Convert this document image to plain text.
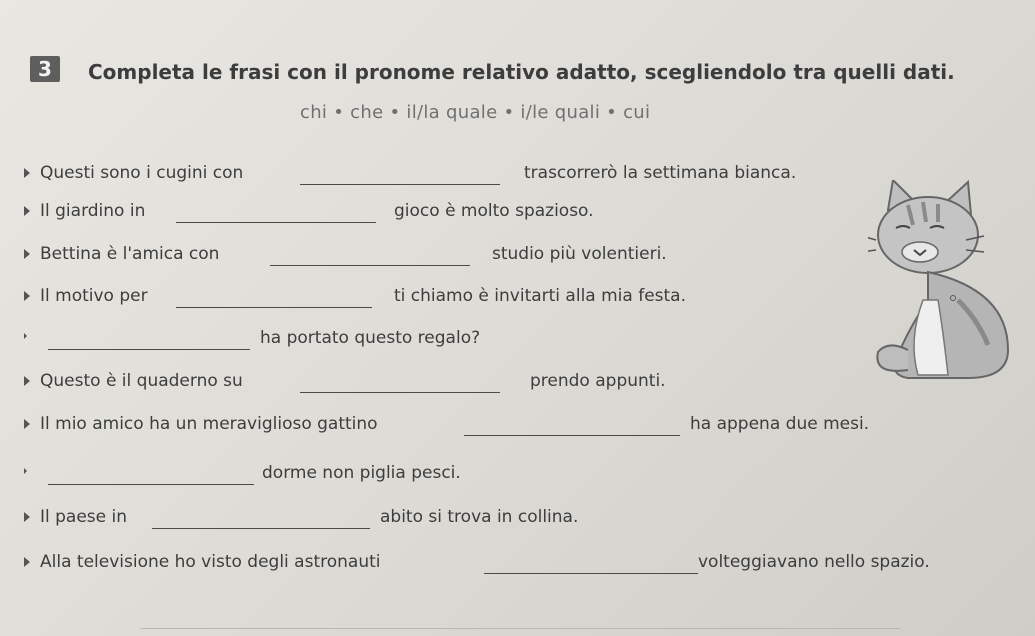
3	Completa le frasi con il pronome relativo adatto, scegliendolo tra quelli dati.
chi • che • il/la quale • i/le quali • cui
Questi sono i cugini con	trascorrerò la settimana bianca.
Il giardino in	gioco è molto spazioso.
Bettina è l'amica con	studio più volentieri.
Il motivo per	ti chiamo è invitarti alla mia festa.
ha portato questo regalo?
Questo è il quaderno su	prendo appunti.
Il mio amico ha un meraviglioso gattino	ha appena due mesi.
dorme non piglia pesci.
Il paese in	abito si trova in collina.
Alla televisione ho visto degli astronauti	volteggiavano nello spazio.
